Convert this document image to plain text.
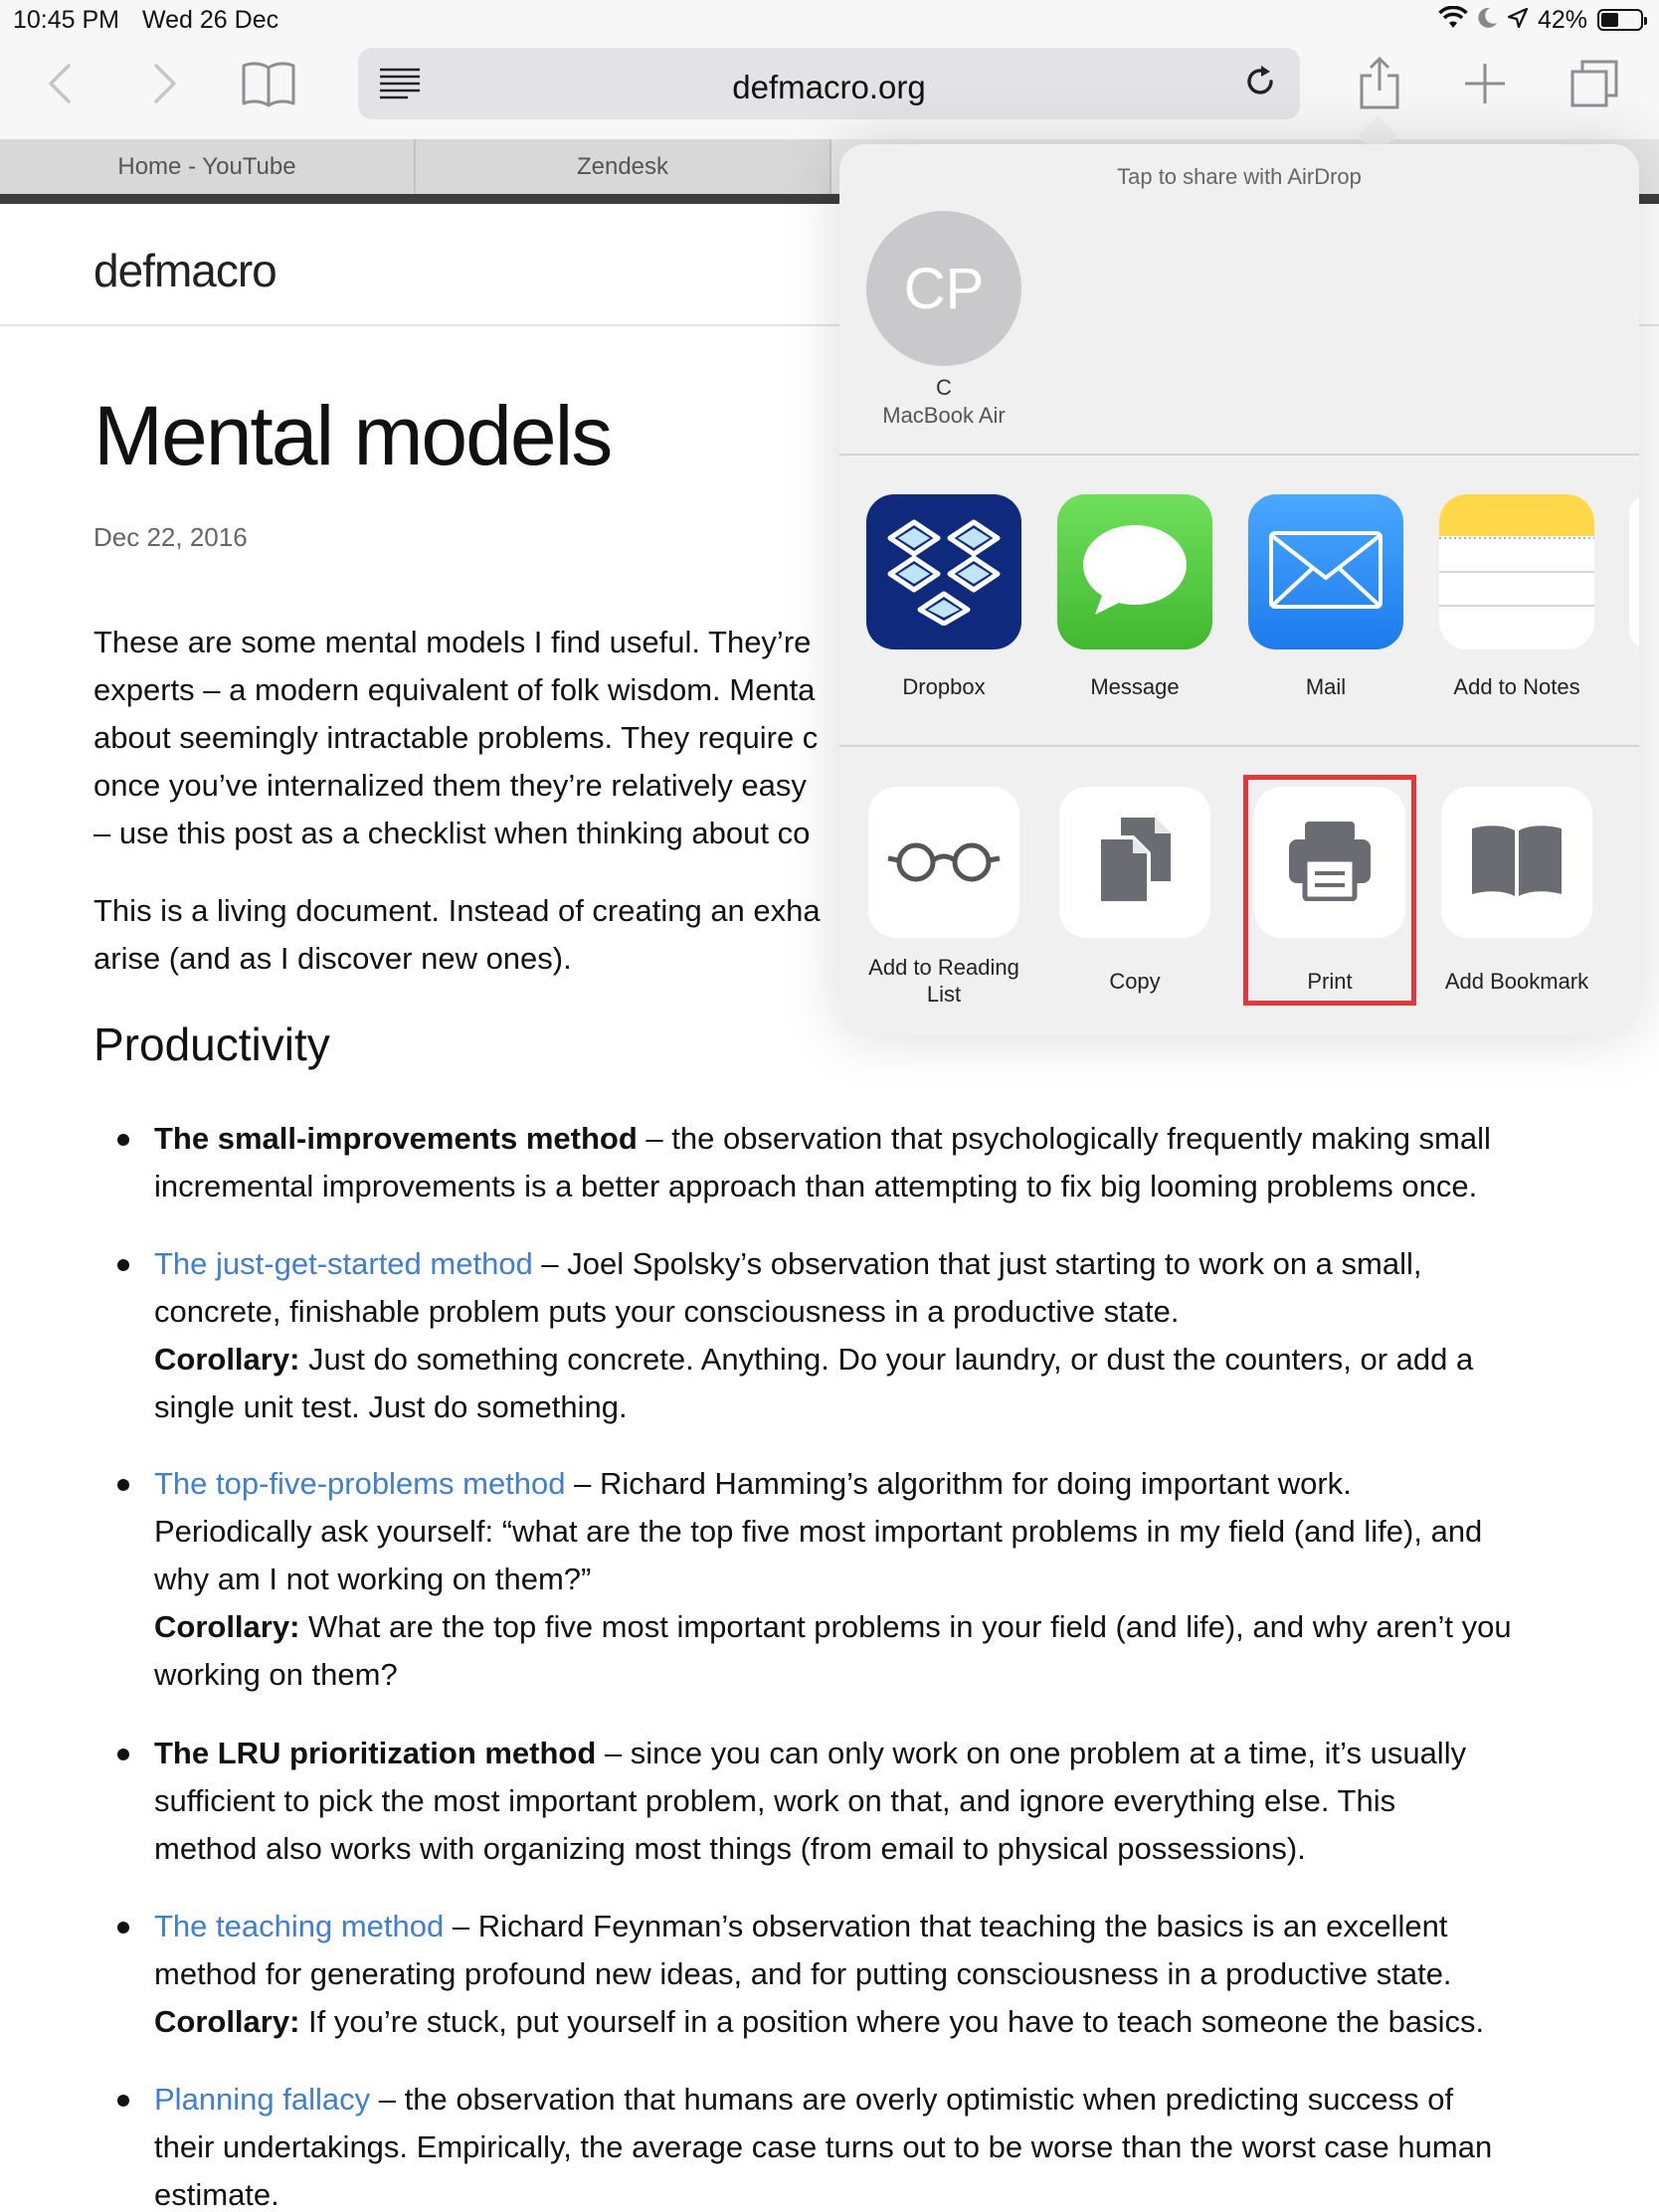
10:45 PM Wed 26 Dec	42%
defmacro.org
Home - YouTube	Zendesk
defmacro
Mental models
Dec 22, 2016
These are some mental models I find useful. They’re
experts – a modern equivalent of folk wisdom. Menta
about seemingly intractable problems. They require c
once you’ve internalized them they’re relatively easy
– use this post as a checklist when thinking about co
This is a living document. Instead of creating an exha
arise (and as I discover new ones).
Productivity
The small-improvements method – the observation that psychologically frequently making small
incremental improvements is a better approach than attempting to fix big looming problems once.
The just-get-started method – Joel Spolsky’s observation that just starting to work on a small,
concrete, finishable problem puts your consciousness in a productive state.
Corollary: Just do something concrete. Anything. Do your laundry, or dust the counters, or add a
single unit test. Just do something.
The top-five-problems method – Richard Hamming’s algorithm for doing important work.
Periodically ask yourself: “what are the top five most important problems in my field (and life), and
why am I not working on them?”
Corollary: What are the top five most important problems in your field (and life), and why aren’t you
working on them?
The LRU prioritization method – since you can only work on one problem at a time, it’s usually
sufficient to pick the most important problem, work on that, and ignore everything else. This
method also works with organizing most things (from email to physical possessions).
The teaching method – Richard Feynman’s observation that teaching the basics is an excellent
method for generating profound new ideas, and for putting consciousness in a productive state.
Corollary: If you’re stuck, put yourself in a position where you have to teach someone the basics.
Planning fallacy – the observation that humans are overly optimistic when predicting success of
their undertakings. Empirically, the average case turns out to be worse than the worst case human
estimate.
Tap to share with AirDrop
CP
C
MacBook Air
Dropbox	Message	Mail	Add to Notes
Add to Reading
List
Copy	Print	Add Bookmark
